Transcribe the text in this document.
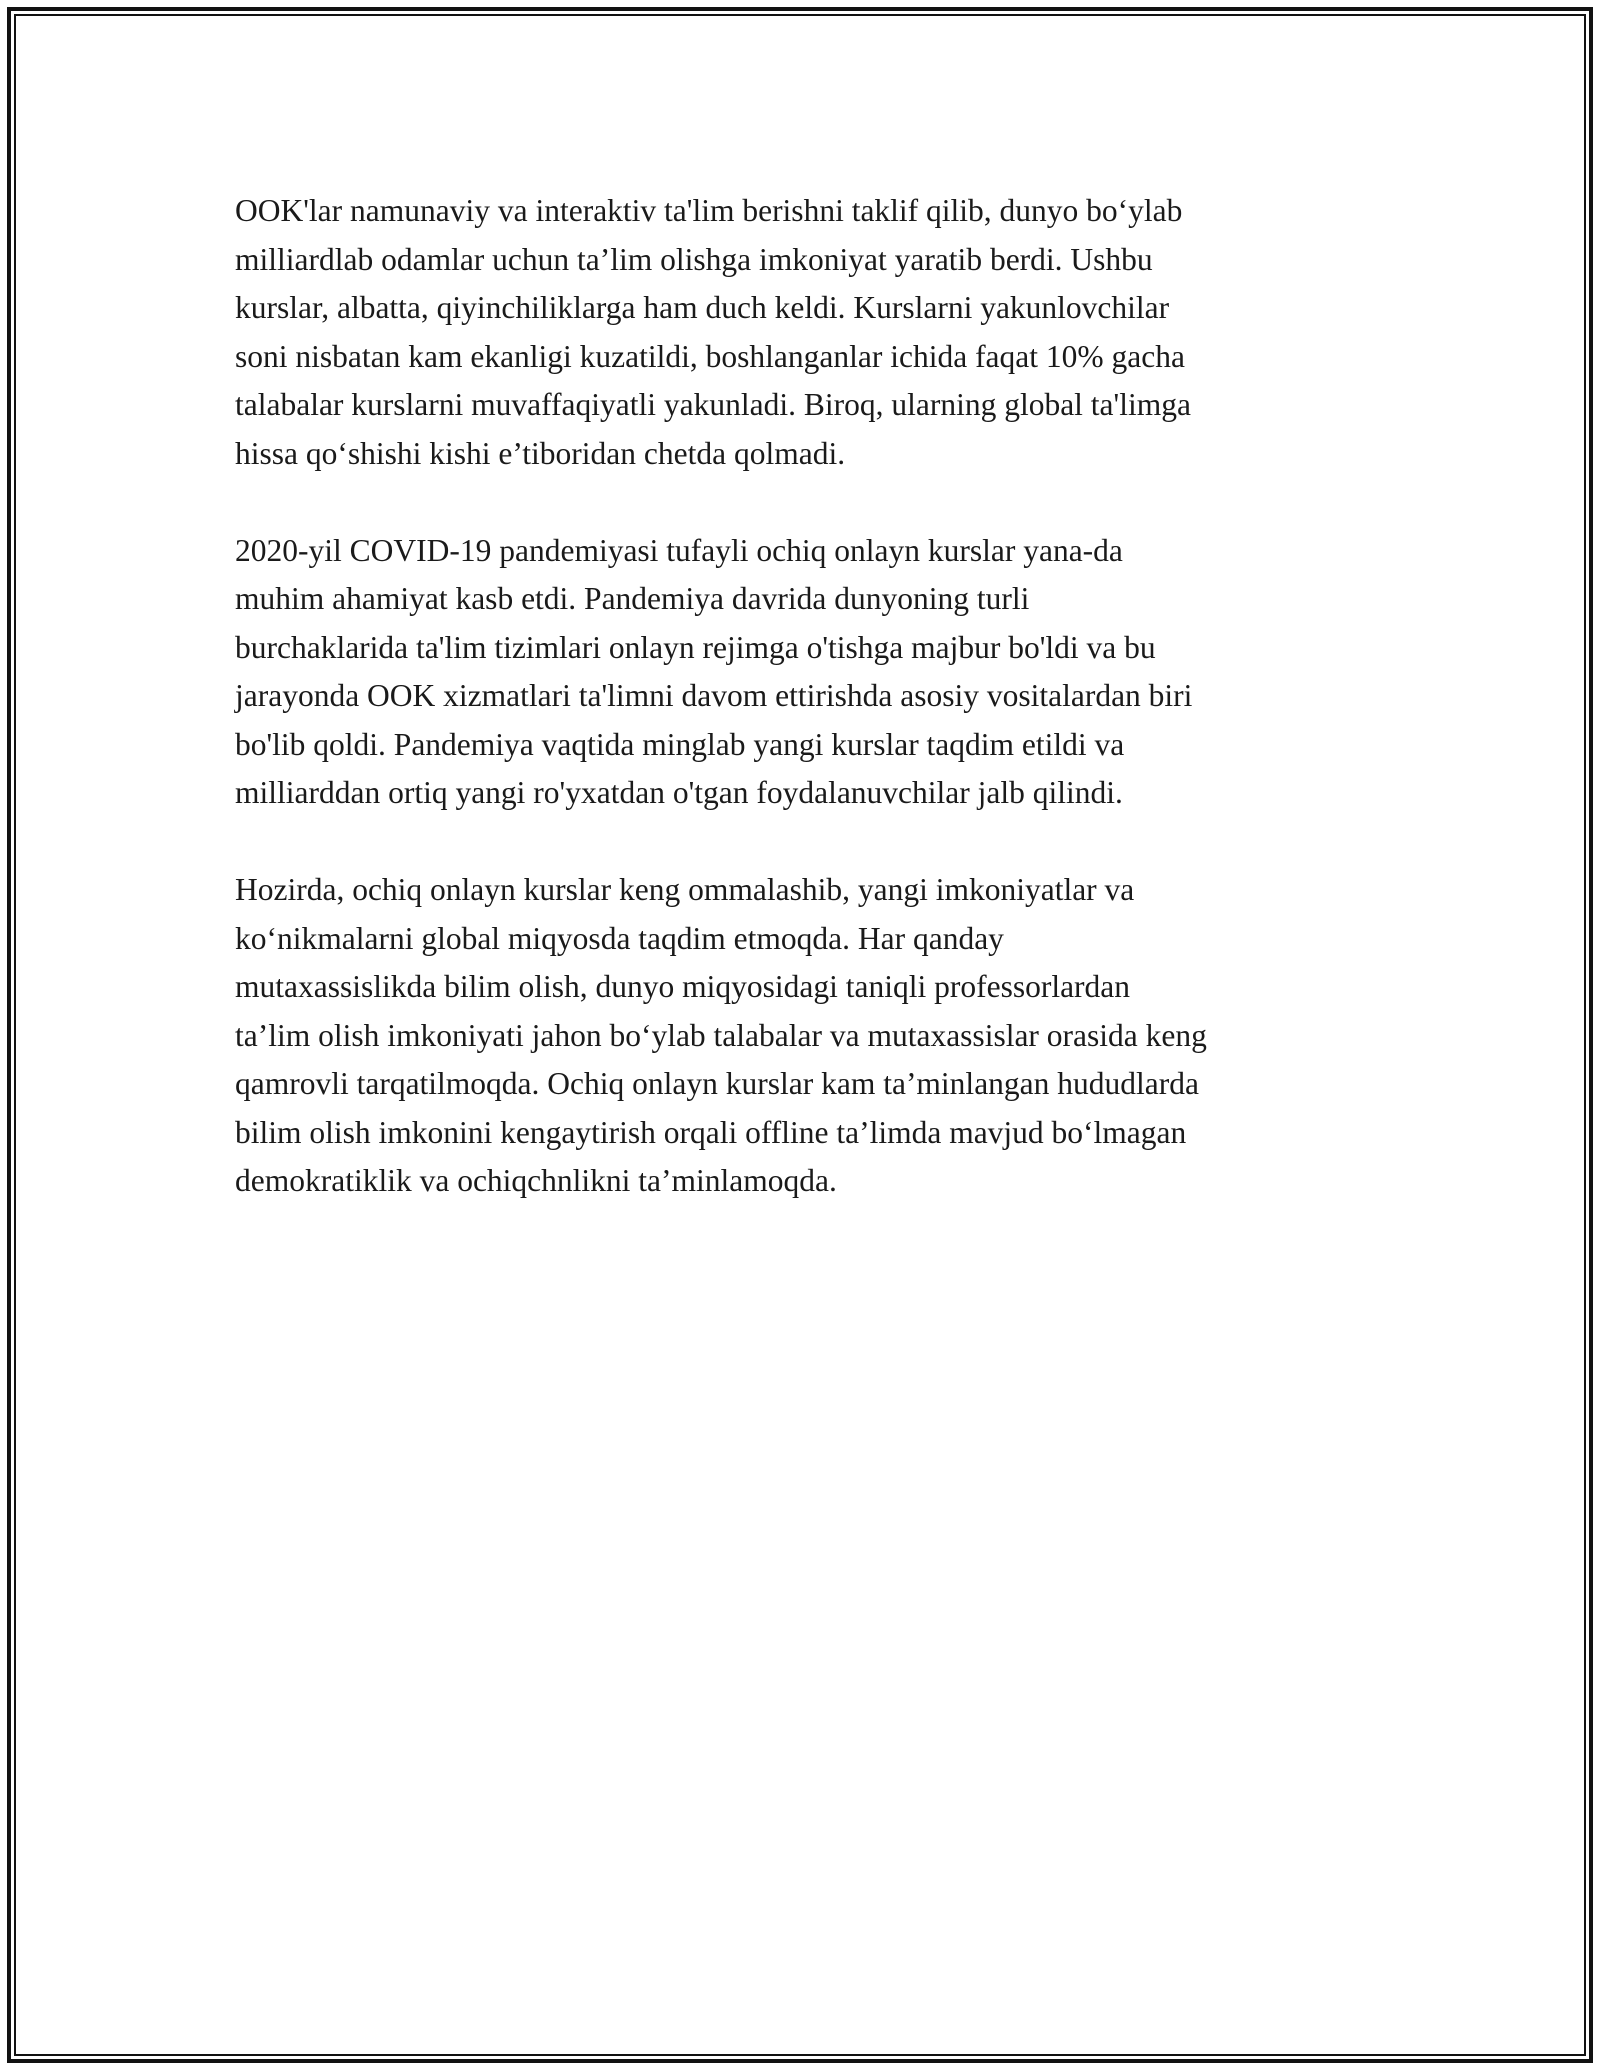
OOK'lar namunaviy va interaktiv ta'lim berishni taklif qilib, dunyo bo‘ylab
milliardlab odamlar uchun ta’lim olishga imkoniyat yaratib berdi. Ushbu
kurslar, albatta, qiyinchiliklarga ham duch keldi. Kurslarni yakunlovchilar
soni nisbatan kam ekanligi kuzatildi, boshlanganlar ichida faqat 10% gacha
talabalar kurslarni muvaffaqiyatli yakunladi. Biroq, ularning global ta'limga
hissa qo‘shishi kishi e’tiboridan chetda qolmadi.

2020-yil COVID-19 pandemiyasi tufayli ochiq onlayn kurslar yana-da
muhim ahamiyat kasb etdi. Pandemiya davrida dunyoning turli
burchaklarida ta'lim tizimlari onlayn rejimga o'tishga majbur bo'ldi va bu
jarayonda OOK xizmatlari ta'limni davom ettirishda asosiy vositalardan biri
bo'lib qoldi. Pandemiya vaqtida minglab yangi kurslar taqdim etildi va
milliarddan ortiq yangi ro'yxatdan o'tgan foydalanuvchilar jalb qilindi.

Hozirda, ochiq onlayn kurslar keng ommalashib, yangi imkoniyatlar va
ko‘nikmalarni global miqyosda taqdim etmoqda. Har qanday
mutaxassislikda bilim olish, dunyo miqyosidagi taniqli professorlardan
ta’lim olish imkoniyati jahon bo‘ylab talabalar va mutaxassislar orasida keng
qamrovli tarqatilmoqda. Ochiq onlayn kurslar kam ta’minlangan hududlarda
bilim olish imkonini kengaytirish orqali offline ta’limda mavjud bo‘lmagan
demokratiklik va ochiqchnlikni ta’minlamoqda.
